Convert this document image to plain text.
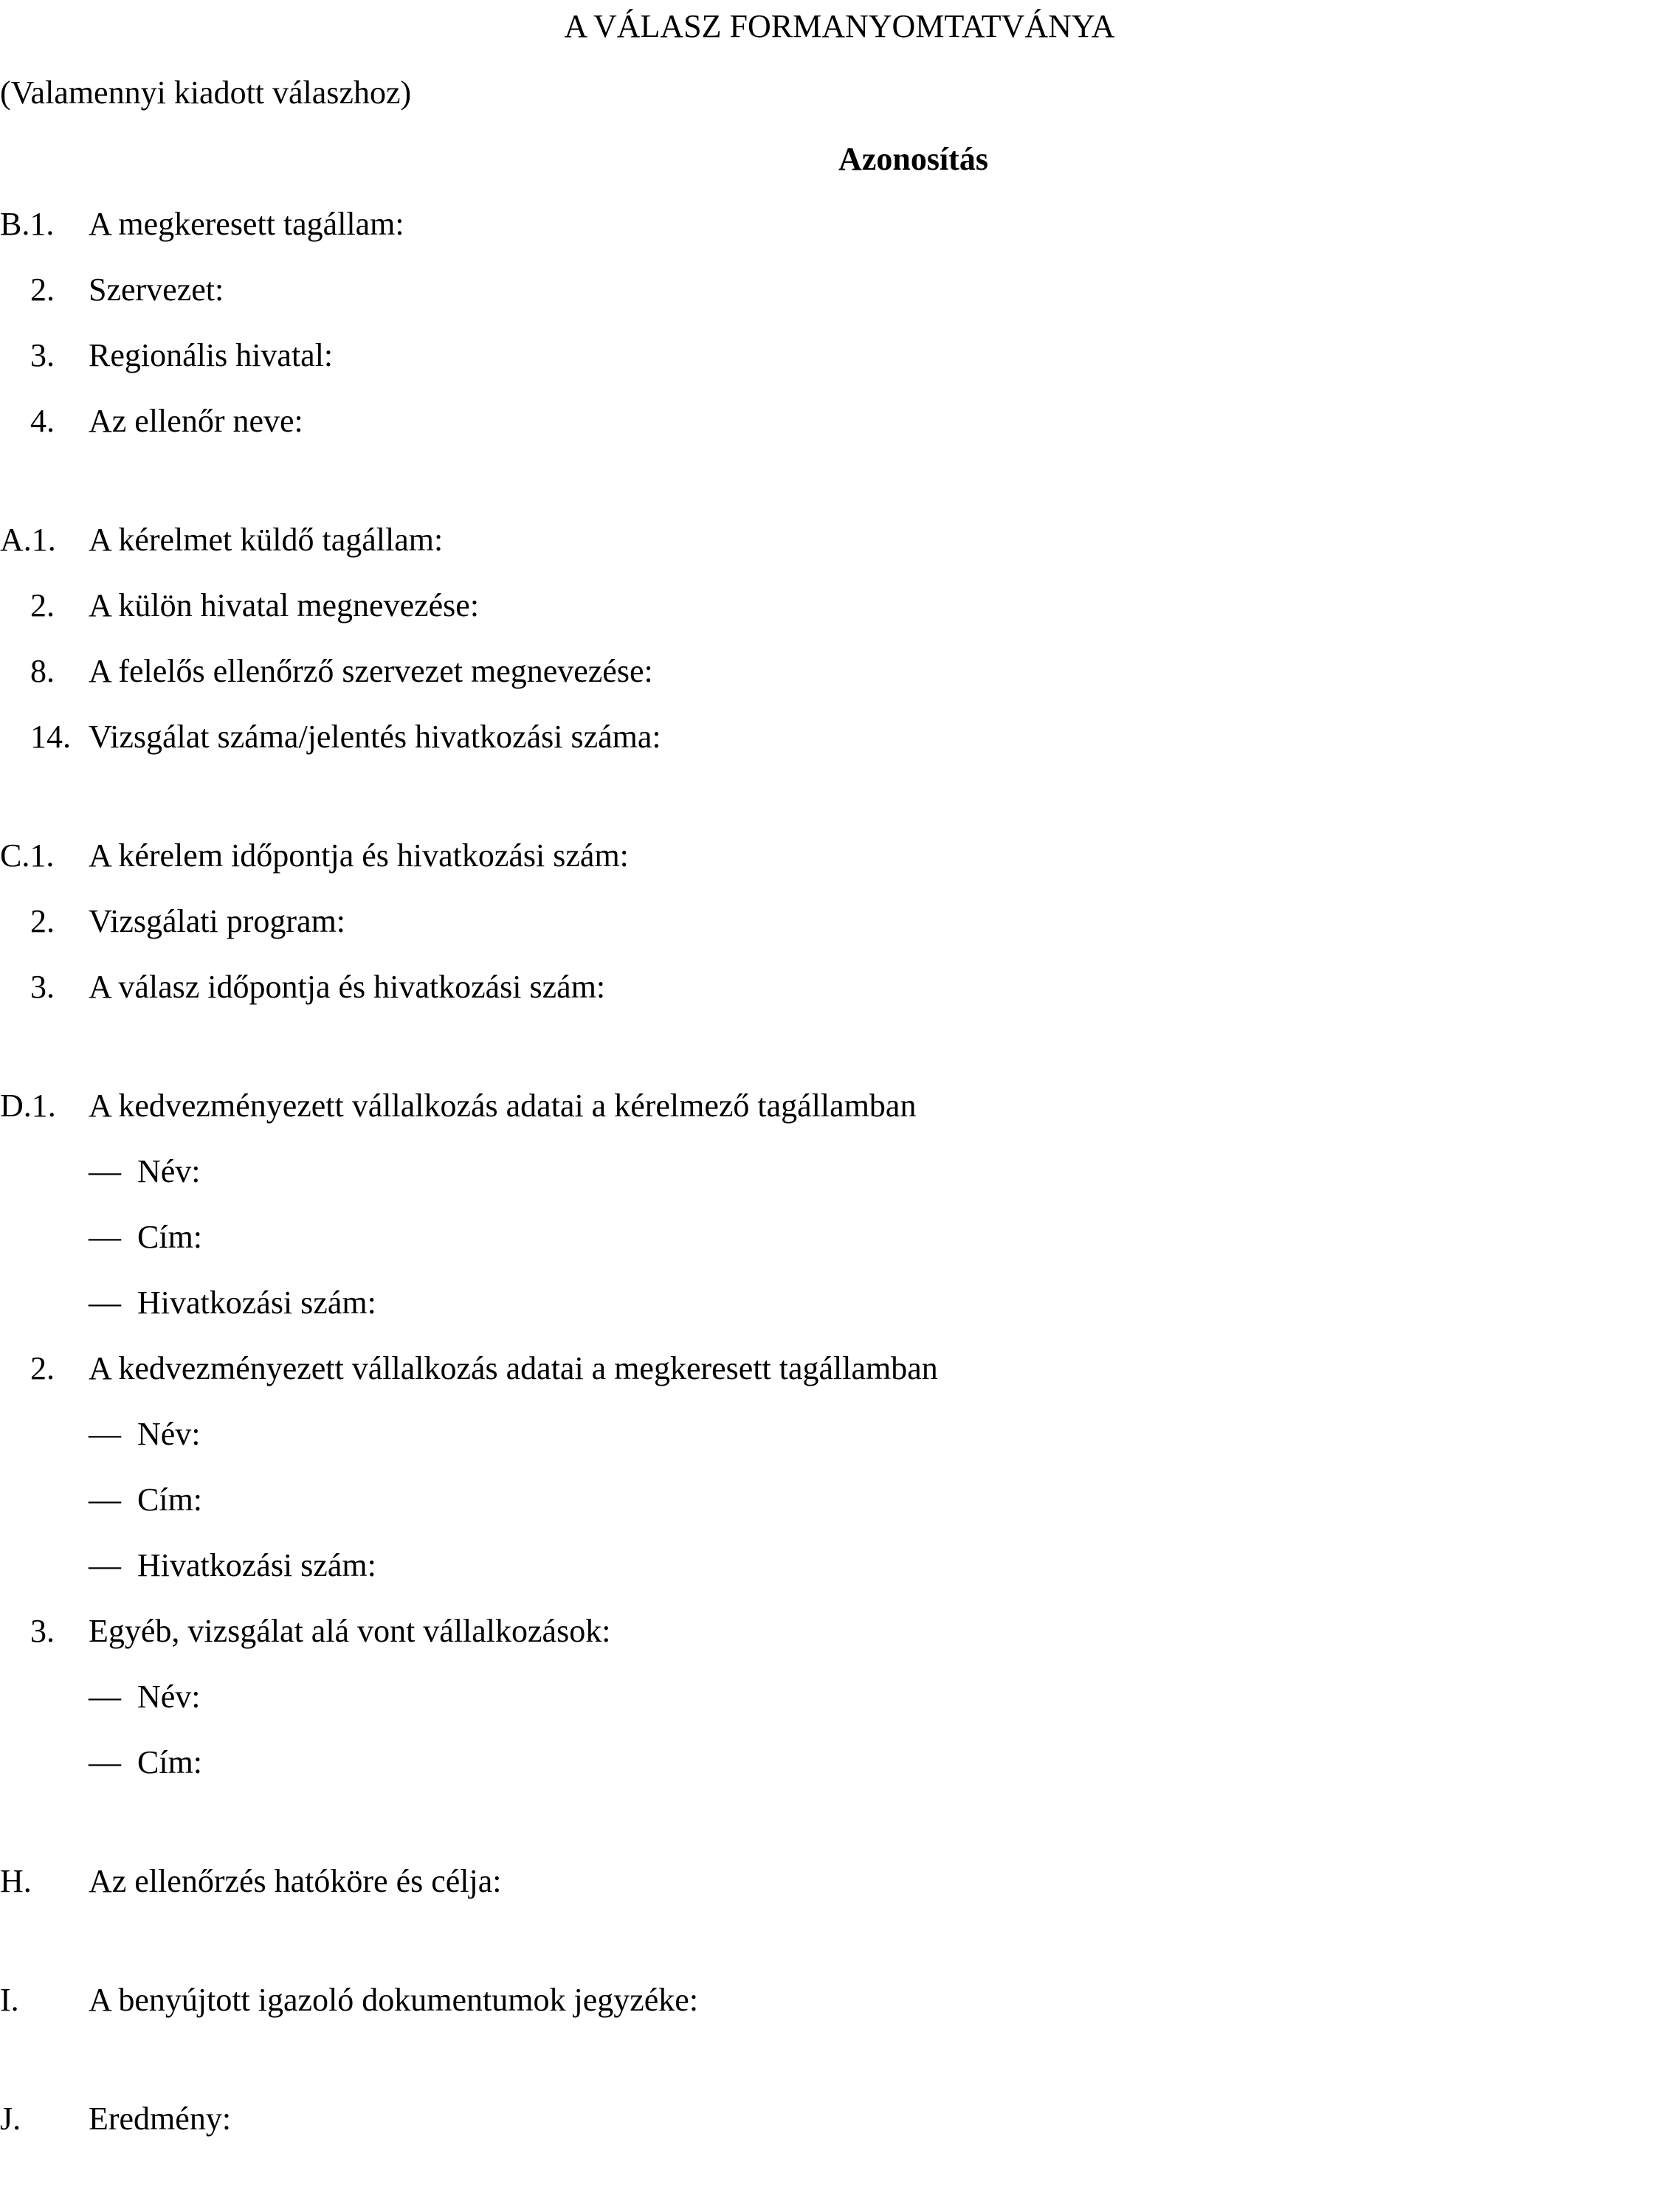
A VÁLASZ FORMANYOMTATVÁNYA
(Valamennyi kiadott válaszhoz)
Azonosítás
B.1. A megkeresett tagállam:
2. Szervezet:
3. Regionális hivatal:
4. Az ellenőr neve:
A.1. A kérelmet küldő tagállam:
2. A külön hivatal megnevezése:
8. A felelős ellenőrző szervezet megnevezése:
14. Vizsgálat száma/jelentés hivatkozási száma:
C.1. A kérelem időpontja és hivatkozási szám:
2. Vizsgálati program:
3. A válasz időpontja és hivatkozási szám:
D.1. A kedvezményezett vállalkozás adatai a kérelmező tagállamban
— Név:
— Cím:
— Hivatkozási szám:
2. A kedvezményezett vállalkozás adatai a megkeresett tagállamban
— Név:
— Cím:
— Hivatkozási szám:
3. Egyéb, vizsgálat alá vont vállalkozások:
— Név:
— Cím:
H. Az ellenőrzés hatóköre és célja:
I. A benyújtott igazoló dokumentumok jegyzéke:
J. Eredmény:
